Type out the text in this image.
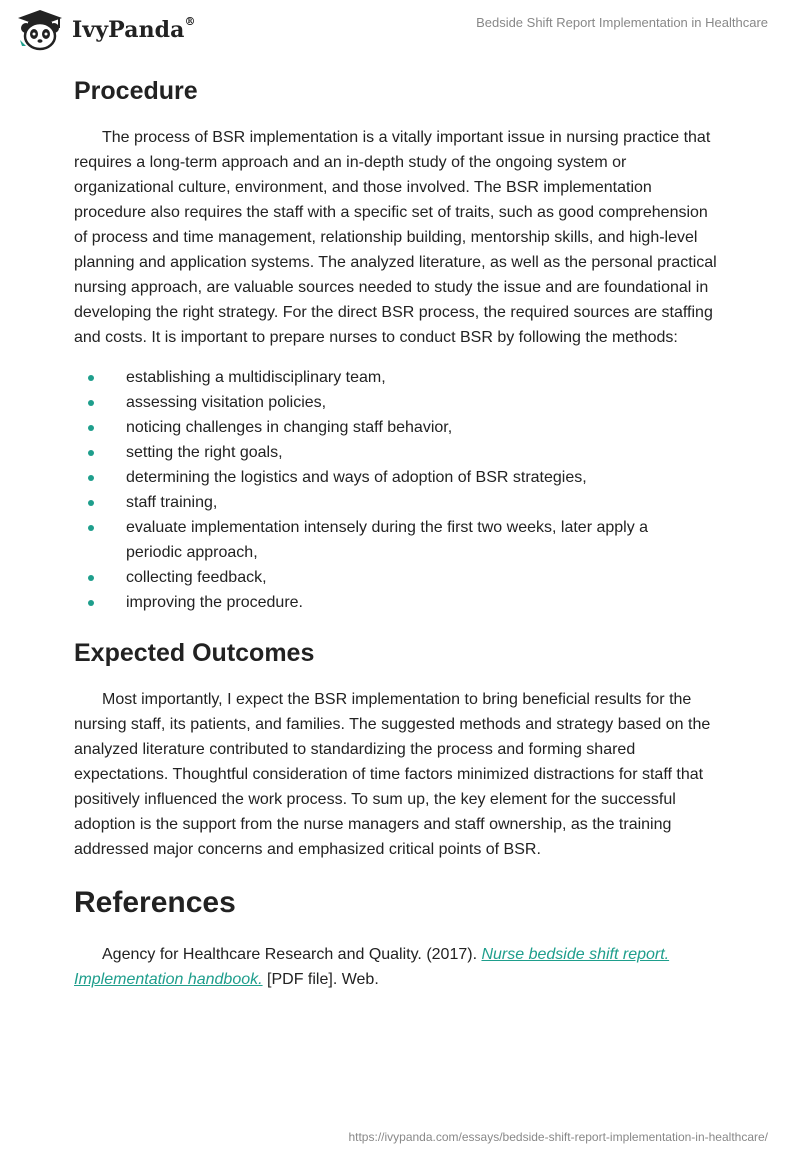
IvyPanda®	Bedside Shift Report Implementation in Healthcare
Procedure

The process of BSR implementation is a vitally important issue in nursing practice that requires a long-term approach and an in-depth study of the ongoing system or organizational culture, environment, and those involved. The BSR implementation procedure also requires the staff with a specific set of traits, such as good comprehension of process and time management, relationship building, mentorship skills, and high-level planning and application systems. The analyzed literature, as well as the personal practical nursing approach, are valuable sources needed to study the issue and are foundational in developing the right strategy. For the direct BSR process, the required sources are staffing and costs. It is important to prepare nurses to conduct BSR by following the methods:

establishing a multidisciplinary team,
assessing visitation policies,
noticing challenges in changing staff behavior,
setting the right goals,
determining the logistics and ways of adoption of BSR strategies,
staff training,
evaluate implementation intensely during the first two weeks, later apply a periodic approach,
collecting feedback,
improving the procedure.
Expected Outcomes

Most importantly, I expect the BSR implementation to bring beneficial results for the nursing staff, its patients, and families. The suggested methods and strategy based on the analyzed literature contributed to standardizing the process and forming shared expectations. Thoughtful consideration of time factors minimized distractions for staff that positively influenced the work process. To sum up, the key element for the successful adoption is the support from the nurse managers and staff ownership, as the training addressed major concerns and emphasized critical points of BSR.

References

Agency for Healthcare Research and Quality. (2017). Nurse bedside shift report. Implementation handbook. [PDF file]. Web.

https://ivypanda.com/essays/bedside-shift-report-implementation-in-healthcare/
